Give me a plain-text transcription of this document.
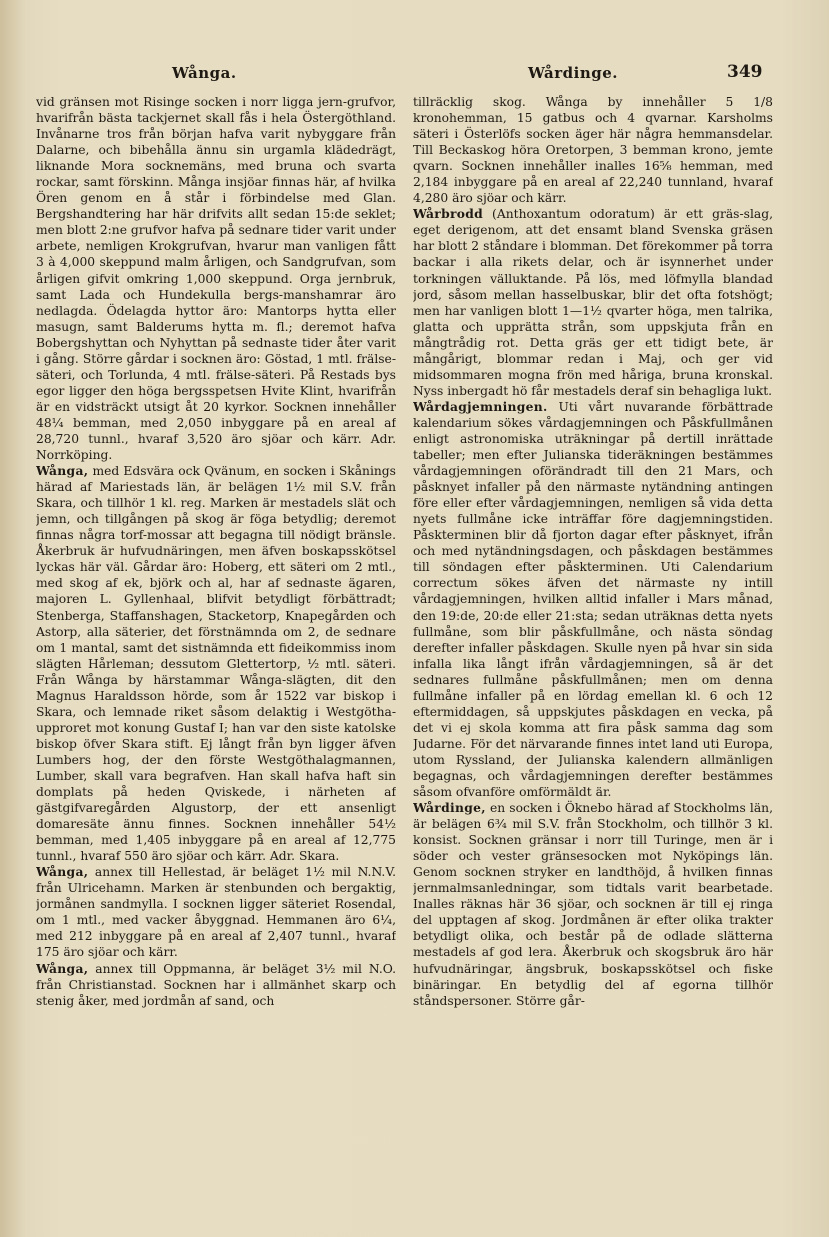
Wånga.	Wårdinge.	349

vid gränsen mot Risinge socken i norr ligga jern-grufvor, hvarifrån bästa tackjernet skall fås i hela Östergöthland. Invånarne tros från början hafva varit nybyggare från Dalarne, och bibehålla ännu sin urgamla klädedrägt, liknande Mora socknemäns, med bruna och svarta rockar, samt förskinn. Många insjöar finnas här, af hvilka Ören genom en å står i förbindelse med Glan. Bergshandtering har här drifvits allt sedan 15:de seklet; men blott 2:ne grufvor hafva på sednare tider varit under arbete, nemligen Krokgrufvan, hvarur man vanligen fått 3 à 4,000 skeppund malm årligen, och Sandgrufvan, som årligen gifvit omkring 1,000 skeppund. Orga jernbruk, samt Lada och Hundekulla bergs-manshamrar äro nedlagda. Ödelagda hyttor äro: Mantorps hytta eller masugn, samt Balderums hytta m. fl.; deremot hafva Bobergshyttan och Nyhyttan på sednaste tider åter varit i gång. Större gårdar i socknen äro: Göstad, 1 mtl. frälse-säteri, och Torlunda, 4 mtl. frälse-säteri. På Restads bys egor ligger den höga bergsspetsen Hvite Klint, hvarifrån är en vidsträckt utsigt åt 20 kyrkor. Socknen innehåller 48¼ bemman, med 2,050 inbyggare på en areal af 28,720 tunnl., hvaraf 3,520 äro sjöar och kärr. Adr. Norrköping.

Wånga, med Edsvära ock Qvänum, en socken i Skånings härad af Mariestads län, är belägen 1½ mil S.V. från Skara, och tillhör 1 kl. reg. Marken är mestadels slät och jemn, och tillgången på skog är föga betydlig; deremot finnas några torf-mossar att begagna till nödigt bränsle. Åkerbruk är hufvudnäringen, men äfven boskapsskötsel lyckas här väl. Gårdar äro: Hoberg, ett säteri om 2 mtl., med skog af ek, björk och al, har af sednaste ägaren, majoren L. Gyllenhaal, blifvit betydligt förbättradt; Stenberga, Staffanshagen, Stacketorp, Knapegården och Astorp, alla säterier, det förstnämnda om 2, de sednare om 1 mantal, samt det sistnämnda ett fideikommiss inom slägten Hårleman; dessutom Glettertorp, ½ mtl. säteri. Från Wånga by härstammar Wånga-slägten, dit den Magnus Haraldsson hörde, som år 1522 var biskop i Skara, och lemnade riket såsom delaktig i Westgötha-upproret mot konung Gustaf I; han var den siste katolske biskop öfver Skara stift. Ej långt från byn ligger äfven Lumbers hog, der den förste Westgöthalagmannen, Lumber, skall vara begrafven. Han skall hafva haft sin domplats på heden Qviskede, i närheten af gästgifvaregården Algustorp, der ett ansenligt domaresäte ännu finnes. Socknen innehåller 54½ bemman, med 1,405 inbyggare på en areal af 12,775 tunnl., hvaraf 550 äro sjöar och kärr. Adr. Skara.

Wånga, annex till Hellestad, är beläget 1½ mil N.N.V. från Ulricehamn. Marken är stenbunden och bergaktig, jormånen sandmylla. I socknen ligger säteriet Rosendal, om 1 mtl., med vacker åbyggnad. Hemmanen äro 6¼, med 212 inbyggare på en areal af 2,407 tunnl., hvaraf 175 äro sjöar och kärr.

Wånga, annex till Oppmanna, är beläget 3½ mil N.O. från Christianstad. Socknen har i allmänhet skarp och stenig åker, med jordmån af sand, och

tillräcklig skog. Wånga by innehåller 5 1/8 kronohemman, 15 gatbus och 4 qvarnar. Karsholms säteri i Österlöfs socken äger här några hemmansdelar. Till Beckaskog höra Oretorpen, 3 bemman krono, jemte qvarn. Socknen innehåller inalles 16⅝ hemman, med 2,184 inbyggare på en areal af 22,240 tunnland, hvaraf 4,280 äro sjöar och kärr.

Wårbrodd (Anthoxantum odoratum) är ett gräs-slag, eget derigenom, att det ensamt bland Svenska gräsen har blott 2 ståndare i blomman. Det förekommer på torra backar i alla rikets delar, och är isynnerhet under torkningen välluktande. På lös, med löfmylla blandad jord, såsom mellan hasselbuskar, blir det ofta fotshögt; men har vanligen blott 1—1½ qvarter höga, men talrika, glatta och upprätta strån, som uppskjuta från en mångtrådig rot. Detta gräs ger ett tidigt bete, är mångårigt, blommar redan i Maj, och ger vid midsommaren mogna frön med håriga, bruna kronskal. Nyss inbergadt hö får mestadels deraf sin behagliga lukt.

Wårdagjemningen. Uti vårt nuvarande förbättrade kalendarium sökes vårdagjemningen och Påskfullmånen enligt astronomiska uträkningar på dertill inrättade tabeller; men efter Julianska tideräkningen bestämmes vårdagjemningen oförändradt till den 21 Mars, och påsknyet infaller på den närmaste nytändning antingen före eller efter vårdagjemningen, nemligen så vida detta nyets fullmåne icke inträffar före dagjemningstiden. Påskterminen blir då fjorton dagar efter påsknyet, ifrån och med nytändningsdagen, och påskdagen bestämmes till söndagen efter påskterminen. Uti Calendarium correctum sökes äfven det närmaste ny intill vårdagjemningen, hvilken alltid infaller i Mars månad, den 19:de, 20:de eller 21:sta; sedan uträknas detta nyets fullmåne, som blir påskfullmåne, och nästa söndag derefter infaller påskdagen. Skulle nyen på hvar sin sida infalla lika långt ifrån vårdagjemningen, så är det sednares fullmåne påskfullmånen; men om denna fullmåne infaller på en lördag emellan kl. 6 och 12 eftermiddagen, så uppskjutes påskdagen en vecka, på det vi ej skola komma att fira påsk samma dag som Judarne. För det närvarande finnes intet land uti Europa, utom Ryssland, der Julianska kalendern allmänligen begagnas, och vårdagjemningen derefter bestämmes såsom ofvanföre omförmäldt är.

Wårdinge, en socken i Öknebo härad af Stockholms län, är belägen 6¾ mil S.V. från Stockholm, och tillhör 3 kl. konsist. Socknen gränsar i norr till Turinge, men är i söder och vester gränsesocken mot Nyköpings län. Genom socknen stryker en landthöjd, å hvilken finnas jernmalmsanledningar, som tidtals varit bearbetade. Inalles räknas här 36 sjöar, och socknen är till ej ringa del upptagen af skog. Jordmånen är efter olika trakter betydligt olika, och består på de odlade slätterna mestadels af god lera. Åkerbruk och skogsbruk äro här hufvudnäringar, ängsbruk, boskapsskötsel och fiske binäringar. En betydlig del af egorna tillhör ståndspersoner. Större går-
